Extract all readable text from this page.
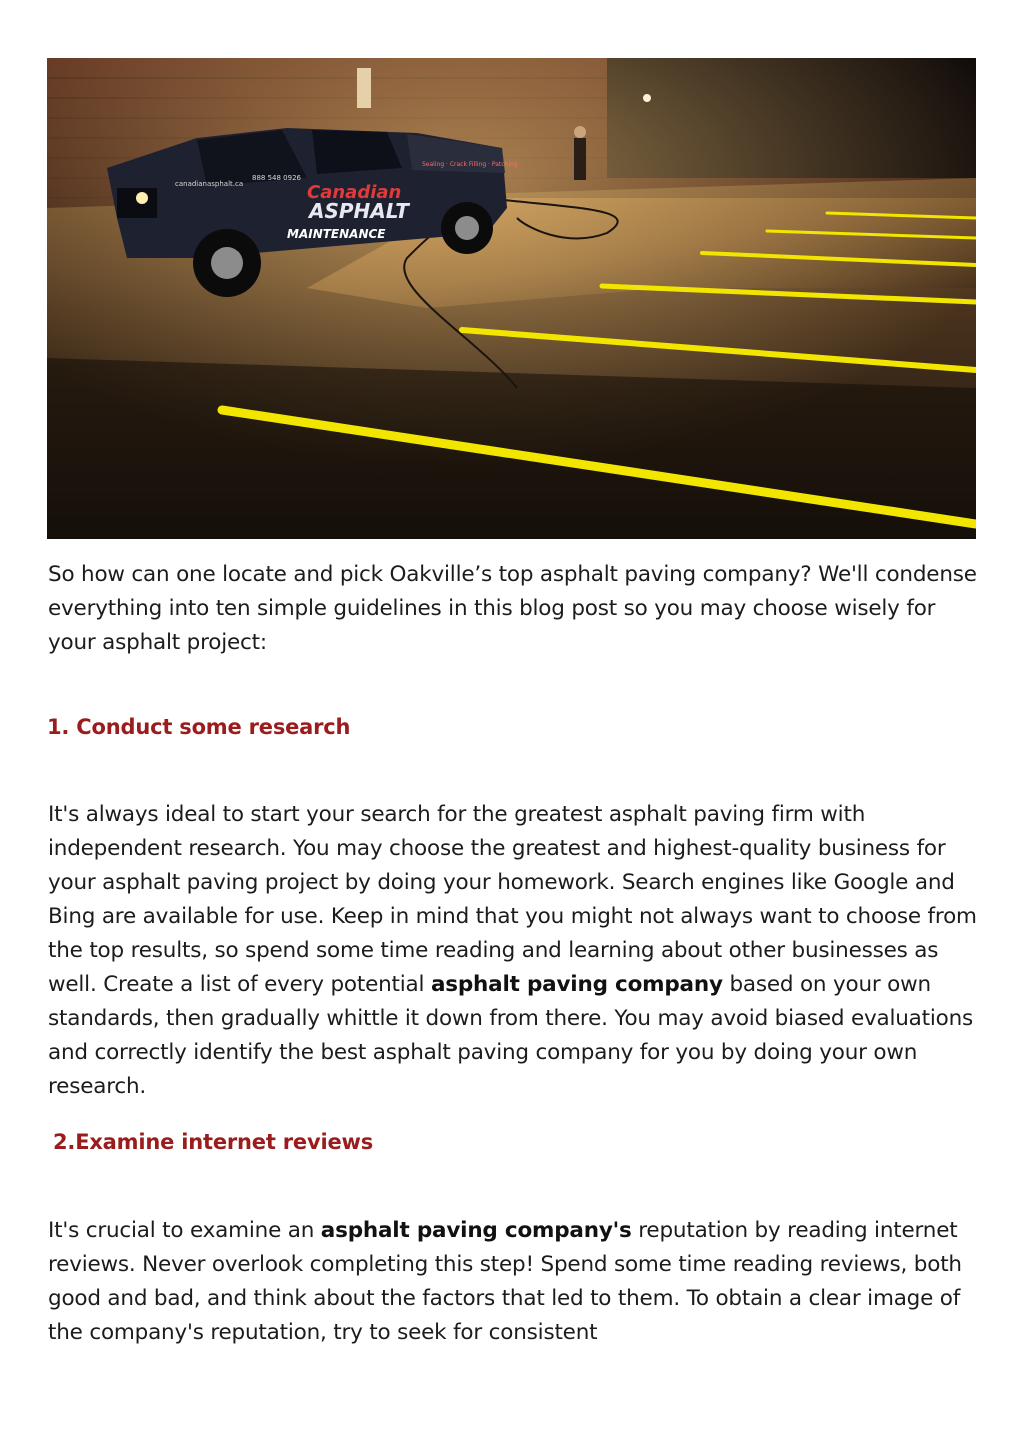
Canadian
ASPHALT
MAINTENANCE
canadianasphalt.ca
888 548 0926
Sealing · Crack Filling · Patching

So how can one locate and pick Oakville’s top asphalt paving company? We'll condense everything into ten simple guidelines in this blog post so you may choose wisely for your asphalt project:

1. Conduct some research

It's always ideal to start your search for the greatest asphalt paving firm with independent research. You may choose the greatest and highest-quality business for your asphalt paving project by doing your homework. Search engines like Google and Bing are available for use. Keep in mind that you might not always want to choose from the top results, so spend some time reading and learning about other businesses as well. Create a list of every potential asphalt paving company based on your own standards, then gradually whittle it down from there. You may avoid biased evaluations and correctly identify the best asphalt paving company for you by doing your own research.

2.Examine internet reviews

It's crucial to examine an asphalt paving company's reputation by reading internet reviews. Never overlook completing this step! Spend some time reading reviews, both good and bad, and think about the factors that led to them. To obtain a clear image of the company's reputation, try to seek for consistent
